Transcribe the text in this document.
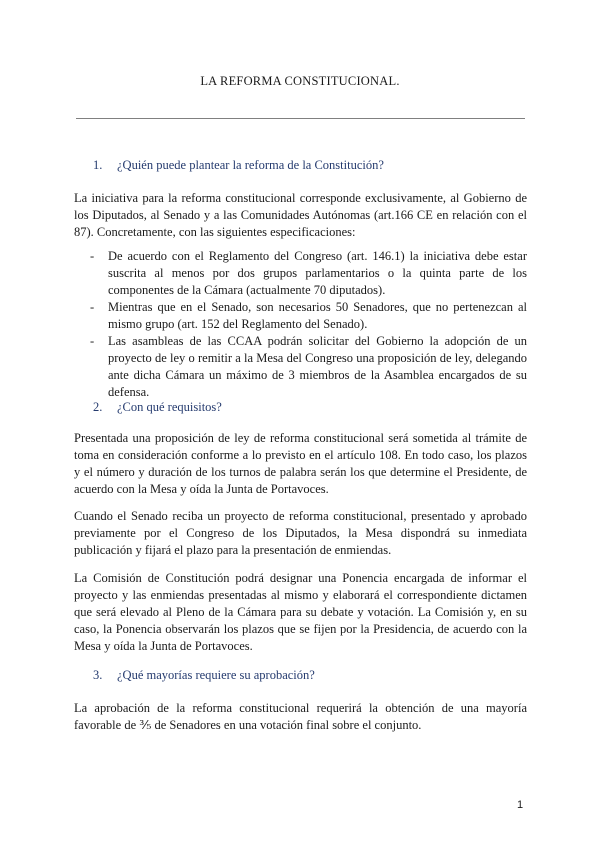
LA REFORMA CONSTITUCIONAL.
1. ¿Quién puede plantear la reforma de la Constitución?
La iniciativa para la reforma constitucional corresponde exclusivamente, al Gobierno de los Diputados, al Senado y a las Comunidades Autónomas (art.166 CE en relación con el 87). Concretamente, con las siguientes especificaciones:
- De acuerdo con el Reglamento del Congreso (art. 146.1) la iniciativa debe estar suscrita al menos por dos grupos parlamentarios o la quinta parte de los componentes de la Cámara (actualmente 70 diputados).
- Mientras que en el Senado, son necesarios 50 Senadores, que no pertenezcan al mismo grupo (art. 152 del Reglamento del Senado).
- Las asambleas de las CCAA podrán solicitar del Gobierno la adopción de un proyecto de ley o remitir a la Mesa del Congreso una proposición de ley, delegando ante dicha Cámara un máximo de 3 miembros de la Asamblea encargados de su defensa.
2. ¿Con qué requisitos?
Presentada una proposición de ley de reforma constitucional será sometida al trámite de toma en consideración conforme a lo previsto en el artículo 108. En todo caso, los plazos y el número y duración de los turnos de palabra serán los que determine el Presidente, de acuerdo con la Mesa y oída la Junta de Portavoces.
Cuando el Senado reciba un proyecto de reforma constitucional, presentado y aprobado previamente por el Congreso de los Diputados, la Mesa dispondrá su inmediata publicación y fijará el plazo para la presentación de enmiendas.
La Comisión de Constitución podrá designar una Ponencia encargada de informar el proyecto y las enmiendas presentadas al mismo y elaborará el correspondiente dictamen que será elevado al Pleno de la Cámara para su debate y votación. La Comisión y, en su caso, la Ponencia observarán los plazos que se fijen por la Presidencia, de acuerdo con la Mesa y oída la Junta de Portavoces.
3. ¿Qué mayorías requiere su aprobación?
La aprobación de la reforma constitucional requerirá la obtención de una mayoría favorable de ⅗ de Senadores en una votación final sobre el conjunto.
1
